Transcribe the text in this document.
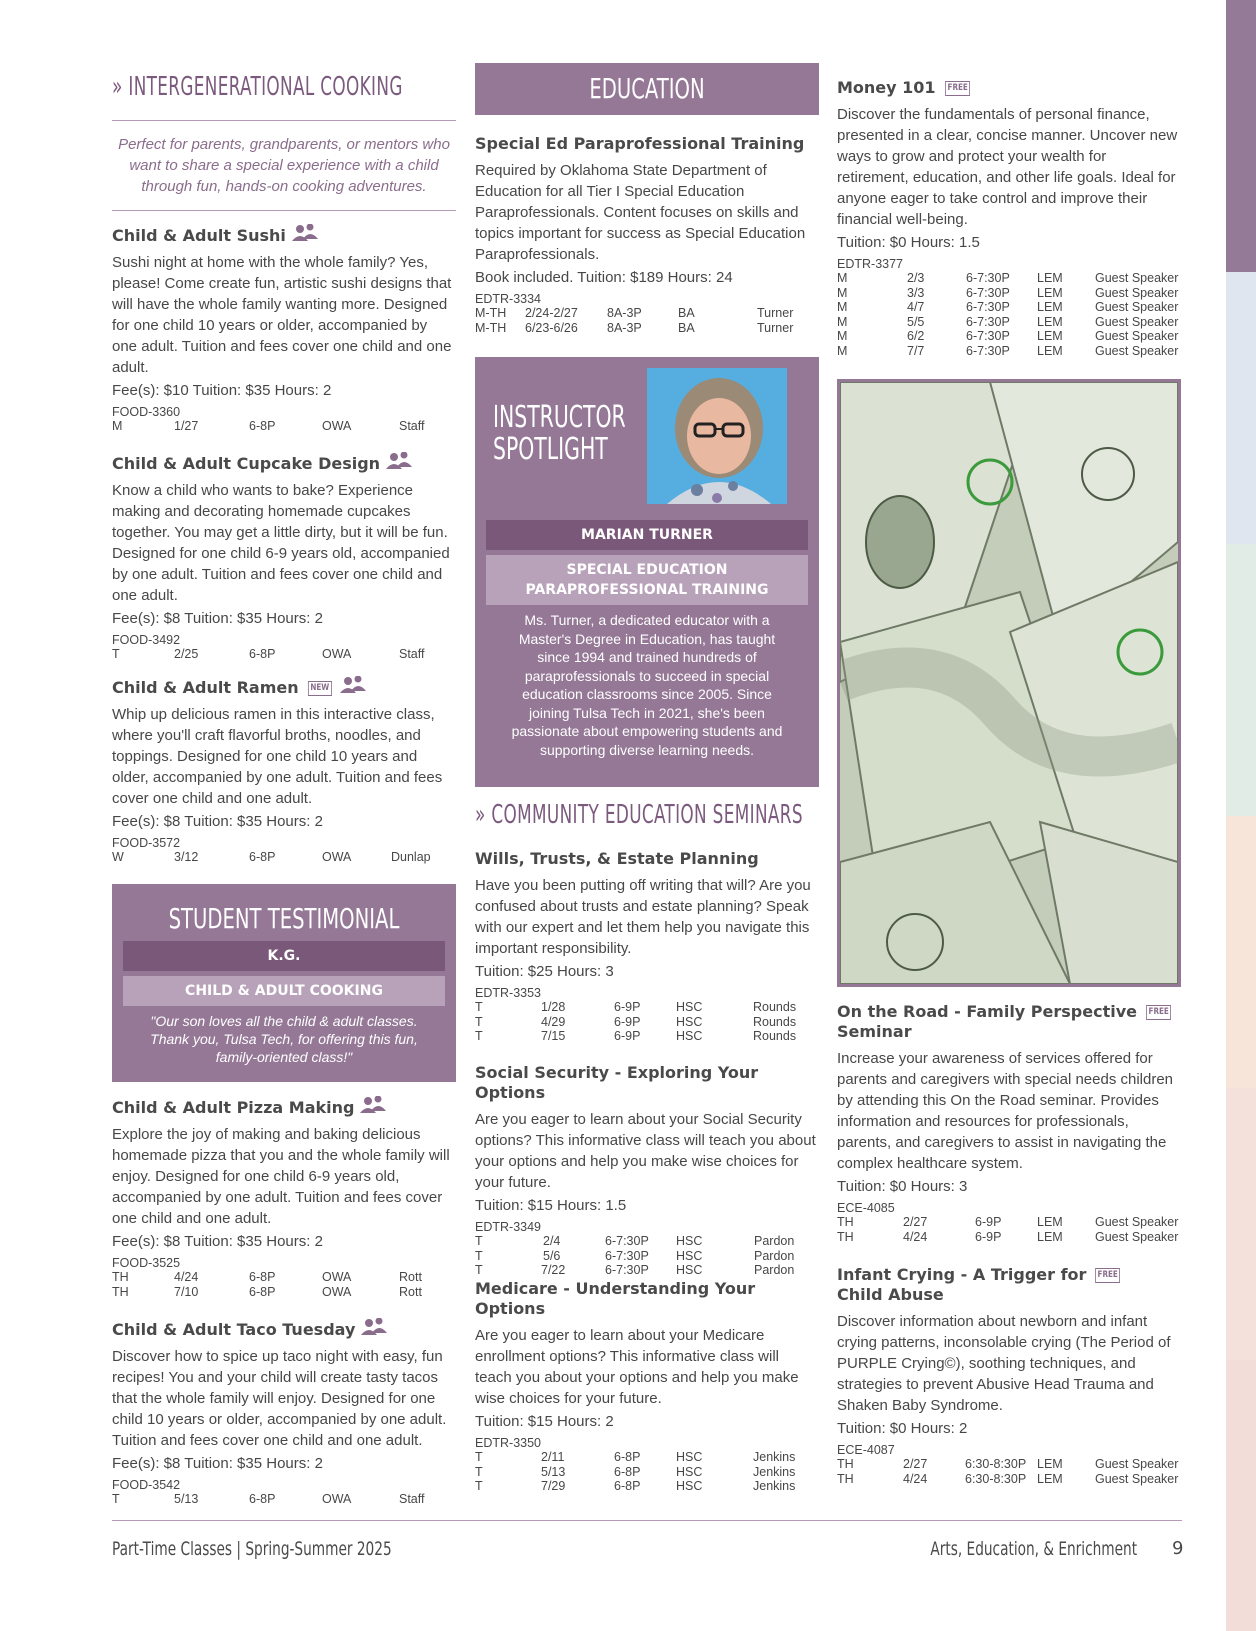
» INTERGENERATIONAL COOKING
Perfect for parents, grandparents, or mentors who want to share a special experience with a child through fun, hands-on cooking adventures.
Child & Adult Sushi
Sushi night at home with the whole family? Yes, please! Come create fun, artistic sushi designs that will have the whole family wanting more. Designed for one child 10 years or older, accompanied by one adult. Tuition and fees cover one child and one adult.
Fee(s): $10 Tuition: $35 Hours: 2
FOOD-3360
M	1/27	6-8P	OWA	Staff
Child & Adult Cupcake Design
Know a child who wants to bake? Experience making and decorating homemade cupcakes together. You may get a little dirty, but it will be fun. Designed for one child 6-9 years old, accompanied by one adult. Tuition and fees cover one child and one adult.
Fee(s): $8 Tuition: $35 Hours: 2
FOOD-3492
T	2/25	6-8P	OWA	Staff
Child & Adult Ramen NEW
Whip up delicious ramen in this interactive class, where you'll craft flavorful broths, noodles, and toppings. Designed for one child 10 years and older, accompanied by one adult. Tuition and fees cover one child and one adult.
Fee(s): $8 Tuition: $35 Hours: 2
FOOD-3572
W	3/12	6-8P	OWA	Dunlap
STUDENT TESTIMONIAL
K.G.
CHILD & ADULT COOKING
"Our son loves all the child & adult classes. Thank you, Tulsa Tech, for offering this fun, family-oriented class!"
Child & Adult Pizza Making
Explore the joy of making and baking delicious homemade pizza that you and the whole family will enjoy. Designed for one child 6-9 years old, accompanied by one adult. Tuition and fees cover one child and one adult.
Fee(s): $8 Tuition: $35 Hours: 2
FOOD-3525
TH	4/24	6-8P	OWA	Rott
TH	7/10	6-8P	OWA	Rott
Child & Adult Taco Tuesday
Discover how to spice up taco night with easy, fun recipes! You and your child will create tasty tacos that the whole family will enjoy. Designed for one child 10 years or older, accompanied by one adult. Tuition and fees cover one child and one adult.
Fee(s): $8 Tuition: $35 Hours: 2
FOOD-3542
T	5/13	6-8P	OWA	Staff
EDUCATION
Special Ed Paraprofessional Training
Required by Oklahoma State Department of Education for all Tier I Special Education Paraprofessionals. Content focuses on skills and topics important for success as Special Education Paraprofessionals.
Book included. Tuition: $189 Hours: 24
EDTR-3334
M-TH 2/24-2/27 8A-3P	BA	Turner
M-TH 6/23-6/26 8A-3P	BA	Turner
INSTRUCTOR
SPOTLIGHT
MARIAN TURNER
SPECIAL EDUCATION
PARAPROFESSIONAL TRAINING
Ms. Turner, a dedicated educator with a Master's Degree in Education, has taught since 1994 and trained hundreds of paraprofessionals to succeed in special education classrooms since 2005. Since joining Tulsa Tech in 2021, she's been passionate about empowering students and supporting diverse learning needs.
» COMMUNITY EDUCATION SEMINARS
Wills, Trusts, & Estate Planning
Have you been putting off writing that will? Are you confused about trusts and estate planning? Speak with our expert and let them help you navigate this important responsibility.
Tuition: $25 Hours: 3
EDTR-3353
T	1/28	6-9P	HSC	Rounds
T	4/29	6-9P	HSC	Rounds
T	7/15	6-9P	HSC	Rounds
Social Security - Exploring Your Options
Are you eager to learn about your Social Security options? This informative class will teach you about your options and help you make wise choices for your future.
Tuition: $15 Hours: 1.5
EDTR-3349
T	2/4	6-7:30P HSC	Pardon
T	5/6	6-7:30P HSC	Pardon
T	7/22	6-7:30P HSC	Pardon
Medicare - Understanding Your Options
Are you eager to learn about your Medicare enrollment options? This informative class will teach you about your options and help you make wise choices for your future.
Tuition: $15 Hours: 2
EDTR-3350
T	2/11	6-8P	HSC	Jenkins
T	5/13	6-8P	HSC	Jenkins
T	7/29	6-8P	HSC	Jenkins
Money 101 FREE
Discover the fundamentals of personal finance, presented in a clear, concise manner. Uncover new ways to grow and protect your wealth for retirement, education, and other life goals. Ideal for anyone eager to take control and improve their financial well-being.
Tuition: $0 Hours: 1.5
EDTR-3377
M	2/3	6-7:30P LEM	Guest Speaker
M	3/3	6-7:30P LEM	Guest Speaker
M	4/7	6-7:30P LEM	Guest Speaker
M	5/5	6-7:30P LEM	Guest Speaker
M	6/2	6-7:30P LEM	Guest Speaker
M	7/7	6-7:30P LEM	Guest Speaker
On the Road - Family Perspective FREE
Seminar
Increase your awareness of services offered for parents and caregivers with special needs children by attending this On the Road seminar. Provides information and resources for professionals, parents, and caregivers to assist in navigating the complex healthcare system.
Tuition: $0 Hours: 3
ECE-4085
TH	2/27	6-9P	LEM	Guest Speaker
TH	4/24	6-9P	LEM	Guest Speaker
Infant Crying - A Trigger for FREE
Child Abuse
Discover information about newborn and infant crying patterns, inconsolable crying (The Period of PURPLE Crying©), soothing techniques, and strategies to prevent Abusive Head Trauma and Shaken Baby Syndrome.
Tuition: $0 Hours: 2
ECE-4087
TH	2/27	6:30-8:30P LEM	Guest Speaker
TH	4/24	6:30-8:30P LEM	Guest Speaker
Part-Time Classes | Spring-Summer 2025	Arts, Education, & Enrichment 9
